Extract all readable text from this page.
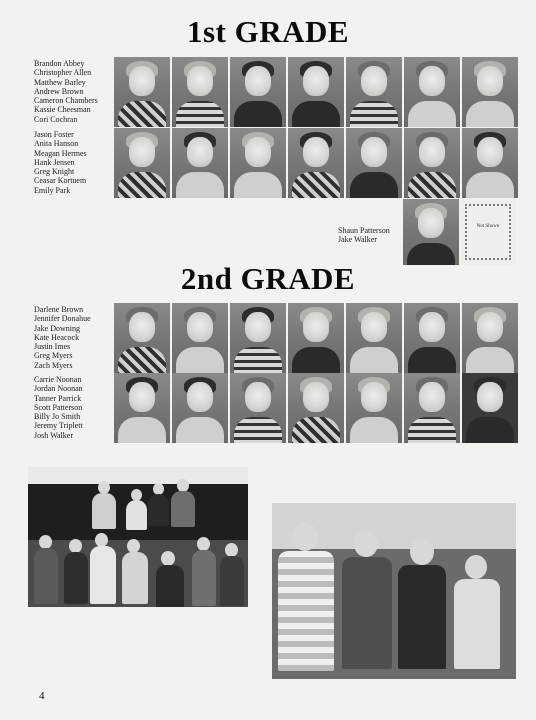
1st GRADE
Brandon Abbey
Christopher Allen
Matthew Barley
Andrew Brown
Cameron Chambers
Kassie Cheesman
Cori Cochran
Jason Foster
Anita Hanson
Meagan Hermes
Hank Jensen
Greg Knight
Ceasar Kortuem
Emily Park
Shaun Patterson
Jake Walker
Not Shown
2nd GRADE
Darlene Brown
Jennifer Donahue
Jake Downing
Kate Heacock
Justin Imes
Greg Myers
Zach Myers
Carrie Noonan
Jordan Noonan
Tanner Parrick
Scott Patterson
Billy Jo Smith
Jeremy Triplett
Josh Walker
4
